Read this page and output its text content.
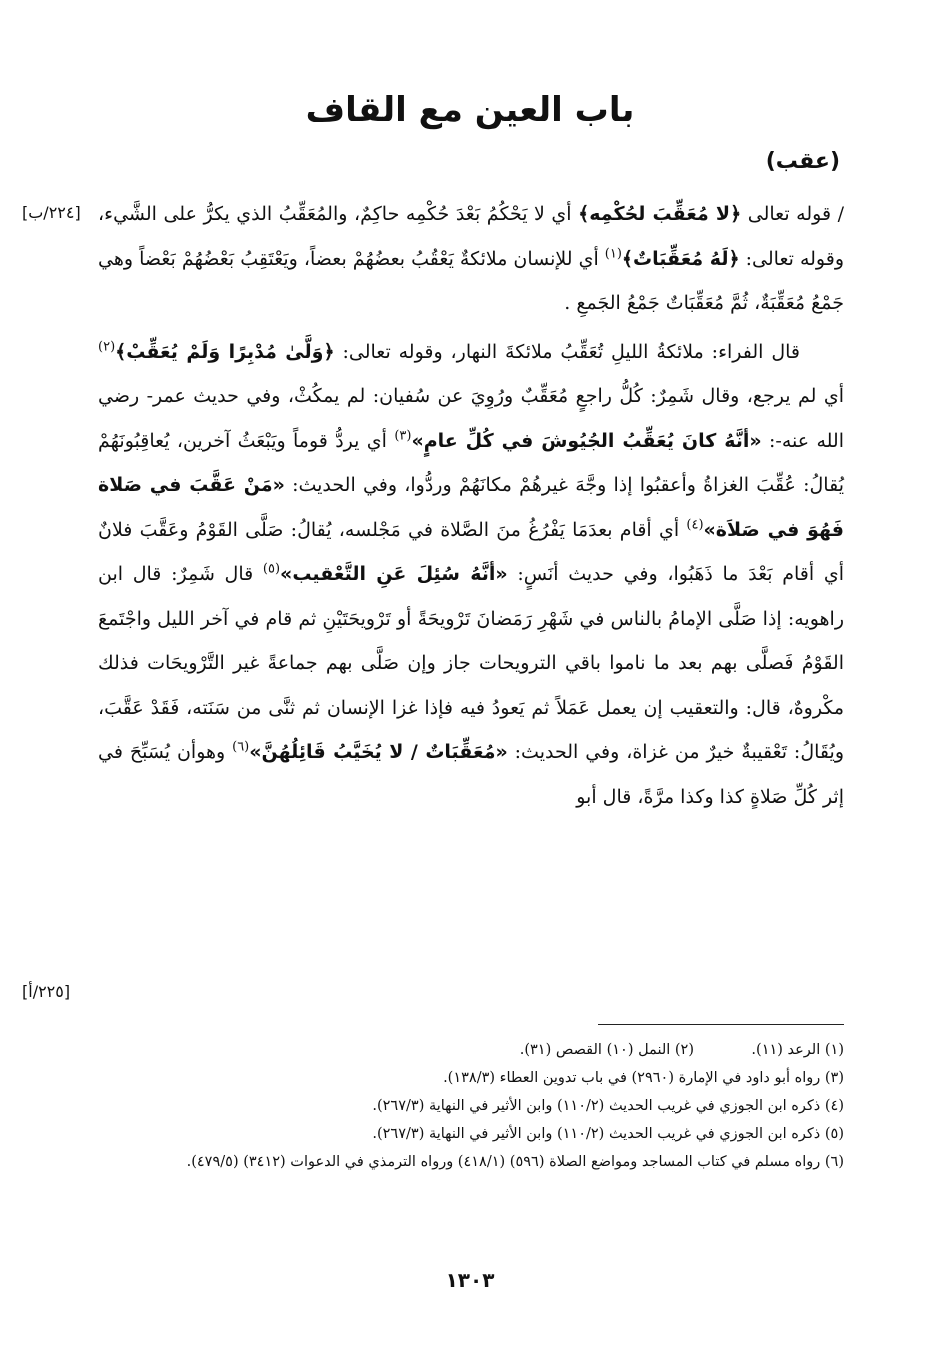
باب العين مع القاف
(عقب)
[٢٢٤/ب]
[٢٢٥/أ]

/ قوله تعالى ﴿لا مُعَقِّبَ لحُكْمِه﴾ أي لا يَحْكُمُ بَعْدَ حُكْمِه حاكِمٌ، والمُعَقِّبُ الذي يكرُّ على الشَّيء، وقوله تعالى: ﴿لَهُ مُعَقِّبَاتٌ﴾$^{(١)}$ أي للإنسان ملائكةٌ يَعْقُبُ بعضُهُمْ بعضاً، ويَعْتَقِبُ بَعْضُهُمْ بَعْضاً وهي جَمْعُ مُعَقِّبَةٌ، ثُمَّ مُعَقِّبَاتٌ جَمْعُ الجَمعِ .

قال الفراء: ملائكةُ الليلِ تُعَقِّبُ ملائكةَ النهار، وقوله تعالى: ﴿وَلَّىٰ مُدْبِرًا وَلَمْ يُعَقِّبْ﴾$^{(٢)}$ أي لم يرجع، وقال شَمِرٌ: كُلُّ راجعٍ مُعَقِّبٌ ورُوِيَ عن سُفيان: لم يمكُثْ، وفي حديث عمر- رضي الله عنه-: «أنَّهُ كانَ يُعَقِّبُ الجُيُوشَ في كُلِّ عامٍ»$^{(٣)}$ أي يردُّ قوماً ويَبْعَثُ آخرين، يُعاقِبُونَهُمْ يُقالُ: عُقِّبَ الغزاةُ وأعقبُوا إذا وجَّهَ غيرهُمْ مكانَهُمْ وردُّوا، وفي الحديث: «مَنْ عَقَّبَ في صَلاة فَهُوَ في صَلاَة»$^{(٤)}$ أي أقام بعدَمَا يَفْرُغُ منَ الصَّلاة في مَجْلسه، يُقالُ: صَلَّى القَوْمُ وعَقَّبَ فلانٌ أي أقام بَعْدَ ما ذَهَبُوا، وفي حديث أنَسٍ: «أنَّهُ سُئِلَ عَنِ التَّعْقيب»$^{(٥)}$ قال شَمِرٌ: قال ابن راهويه: إذا صَلَّى الإمامُ بالناس في شَهْرِ رَمَضانَ تَرْويحَةً أو تَرْويحَتَيْنِ ثم قام في آخر الليل واجْتَمعَ القَوْمُ فَصلَّى بهم بعد ما ناموا باقي الترويحات جاز وإن صَلَّى بهم جماعةً غير التَّرْويحَات فذلك مكْروهٌ، قال: والتعقيب إن يعمل عَمَلاً ثم يَعودُ فيه فإذا غزا الإنسان ثم ثنَّى من سَنَته، فَقَدْ عَقَّبَ، ويُقَالُ: تَعْقيبةٌ خيرٌ من غزاة، وفي الحديث: «مُعَقِّبَاتٌ / لا يُخَيَّبُ قَائِلُهُنَّ»$^{(٦)}$ وهوأن يُسَبِّحَ في إثر كُلِّ صَلاةٍ كذا وكذا مرَّةً، قال أبو

(١) الرعد (١١).
(٢) النمل (١٠) القصص (٣١).

(٣) رواه أبو داود في الإمارة (٢٩٦٠) في باب تدوين العطاء (١٣٨/٣).

(٤) ذكره ابن الجوزي في غريب الحديث (١١٠/٢) وابن الأثير في النهاية (٢٦٧/٣).

(٥) ذكره ابن الجوزي في غريب الحديث (١١٠/٢) وابن الأثير في النهاية (٢٦٧/٣).

(٦) رواه مسلم في كتاب المساجد ومواضع الصلاة (٥٩٦) (٤١٨/١) ورواه الترمذي في الدعوات (٣٤١٢) (٤٧٩/٥).

١٣٠٣
